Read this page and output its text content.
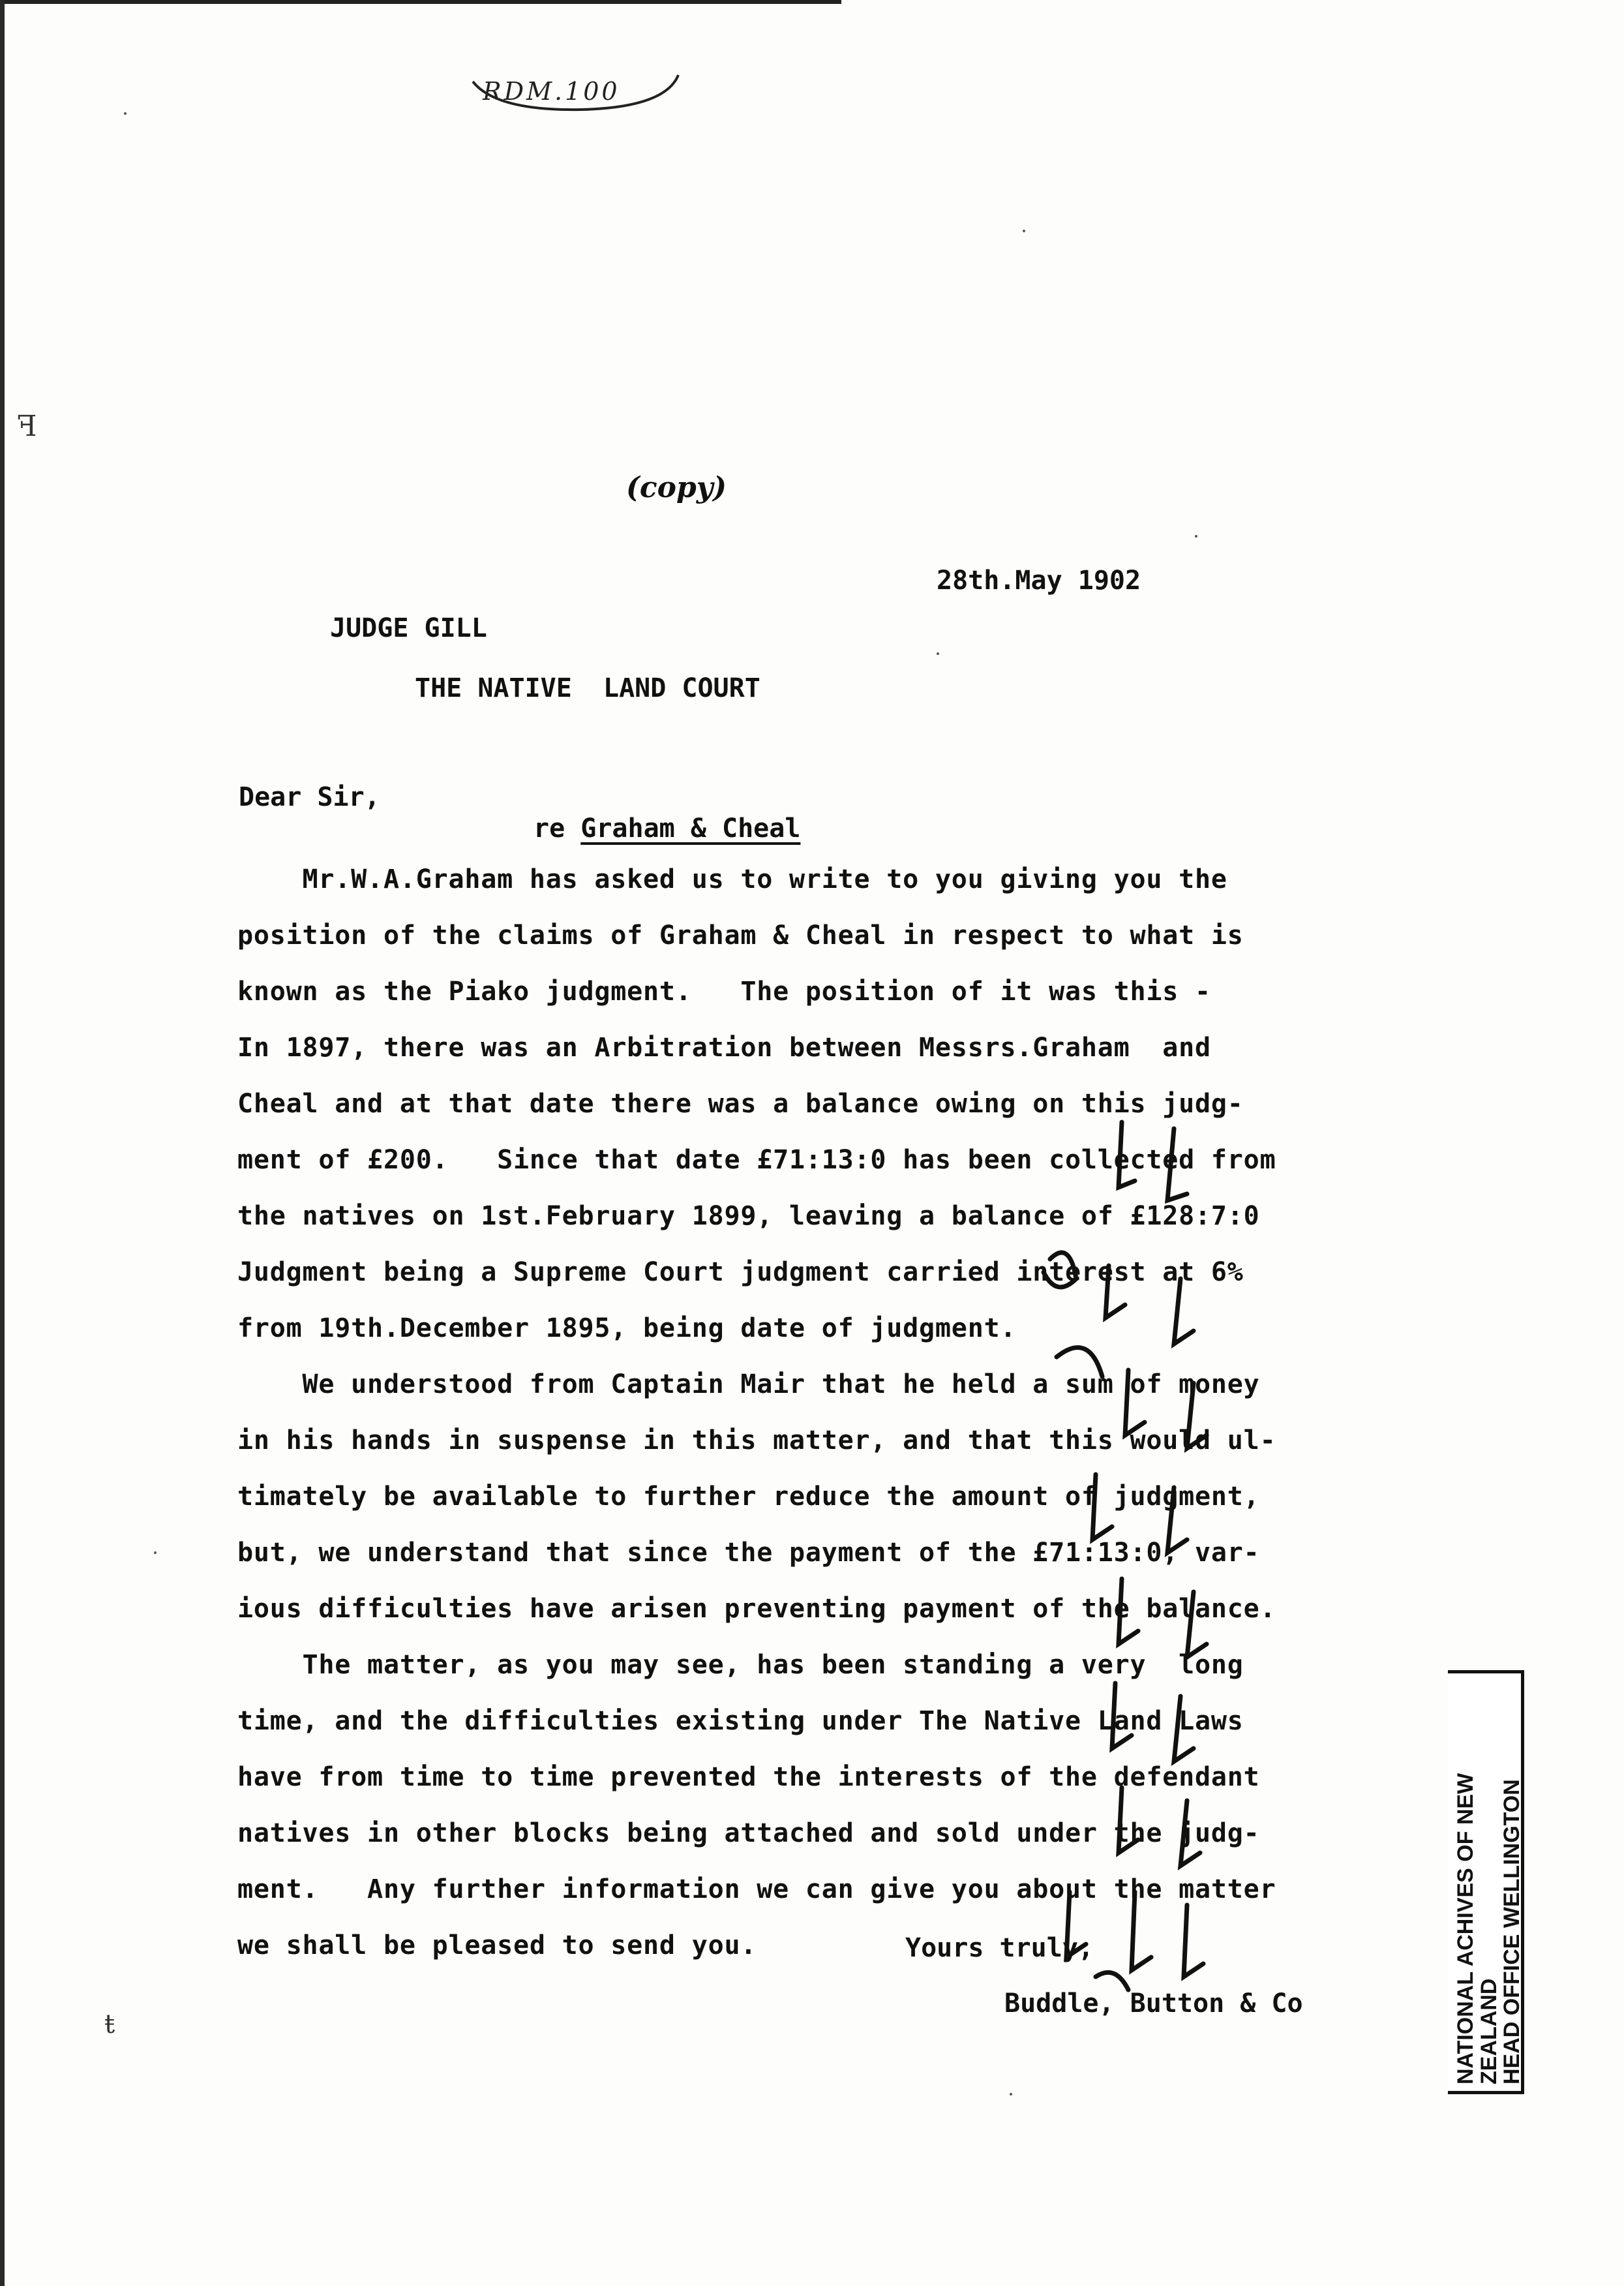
RDM.100
ꟻ
ŧ
(copy)
28th.May 1902
JUDGE GILL
THE NATIVE  LAND COURT
Dear Sir,
re Graham & Cheal
Mr.W.A.Graham has asked us to write to you giving you the
position of the claims of Graham & Cheal in respect to what is
known as the Piako judgment.   The position of it was this -
In 1897, there was an Arbitration between Messrs.Graham  and
Cheal and at that date there was a balance owing on this judg-
ment of £200.   Since that date £71:13:0 has been collected from
the natives on 1st.February 1899, leaving a balance of £128:7:0
Judgment being a Supreme Court judgment carried interest at 6%
from 19th.December 1895, being date of judgment.
We understood from Captain Mair that he held a sum of money
in his hands in suspense in this matter, and that this would ul-
timately be available to further reduce the amount of judgment,
but, we understand that since the payment of the £71:13:0, var-
ious difficulties have arisen preventing payment of the balance.
The matter, as you may see, has been standing a very  long
time, and the difficulties existing under The Native Land Laws
have from time to time prevented the interests of the defendant
natives in other blocks being attached and sold under the judg-
ment.   Any further information we can give you about the matter
we shall be pleased to send you.	Yours truly,
Buddle, Button & Co	NATIONAL ACHIVES OF NEW ZEALAND
HEAD OFFICE WELLINGTON
